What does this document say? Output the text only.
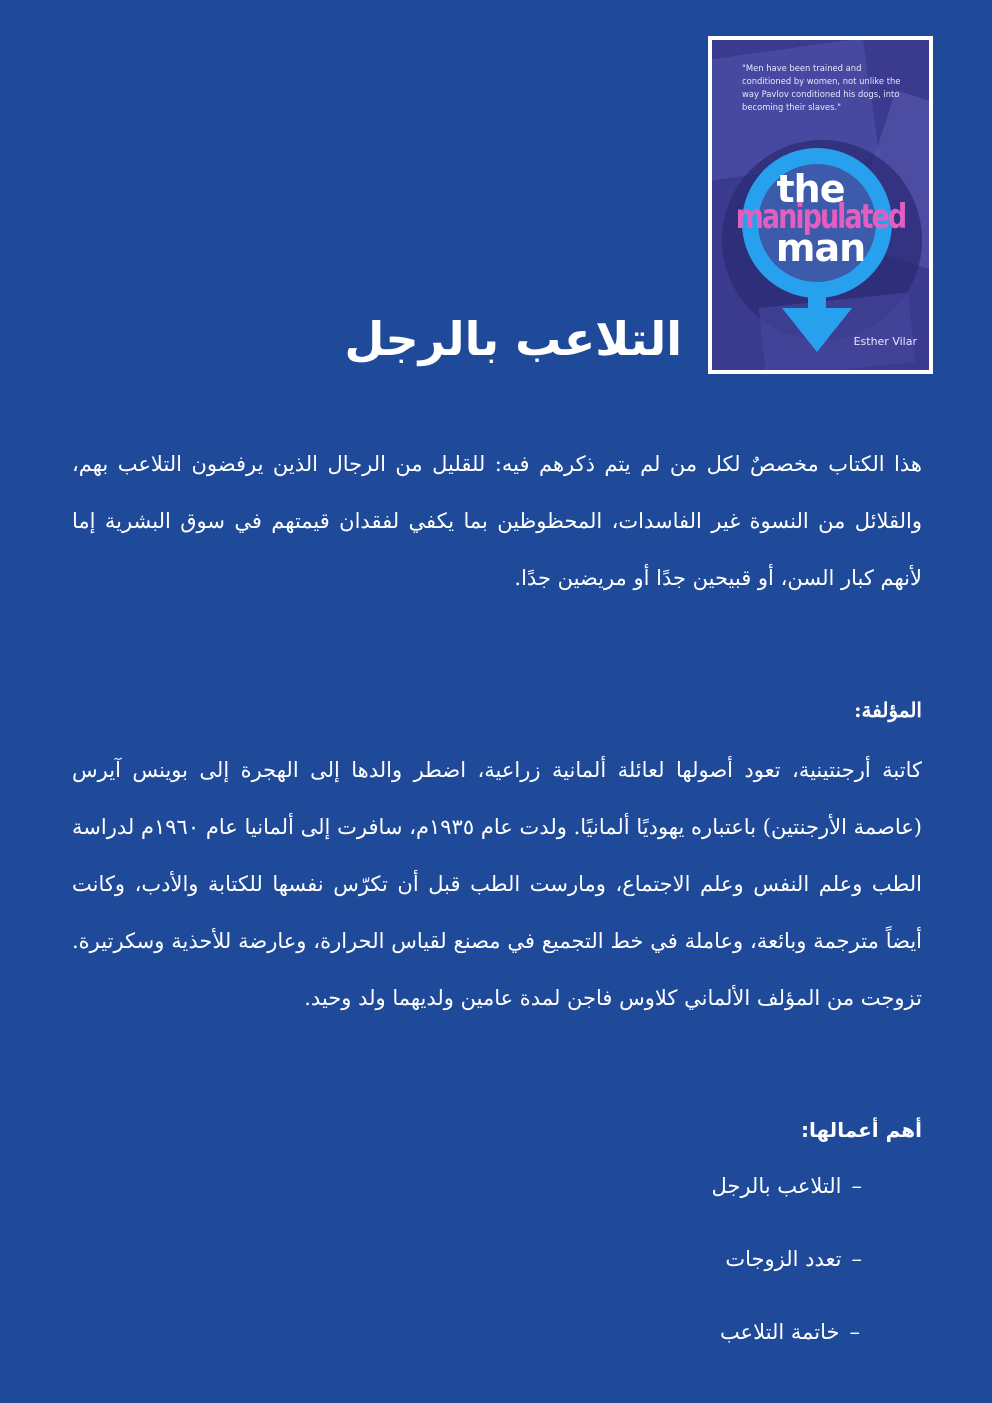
"Men have been trained and conditioned by women, not unlike the way Pavlov conditioned his dogs, into becoming their slaves."
the
manipulated
man
Esther Vilar
التلاعب بالرجل

هذا الكتاب مخصصٌ لكل من لم يتم ذكرهم فيه: للقليل من الرجال الذين يرفضون التلاعب بهم، والقلائل من النسوة غير الفاسدات، المحظوظين بما يكفي لفقدان قيمتهم في سوق البشرية إما لأنهم كبار السن، أو قبيحين جدًا أو مريضين جدًا.

المؤلفة:

كاتبة أرجنتينية، تعود أصولها لعائلة ألمانية زراعية، اضطر والدها إلى الهجرة إلى بوينس آيرس (عاصمة الأرجنتين) باعتباره يهوديًا ألمانيًا. ولدت عام ١٩٣٥م، سافرت إلى ألمانيا عام ١٩٦٠م لدراسة الطب وعلم النفس وعلم الاجتماع، ومارست الطب قبل أن تكرّس نفسها للكتابة والأدب، وكانت أيضاً مترجمة وبائعة، وعاملة في خط التجميع في مصنع لقياس الحرارة، وعارضة للأحذية وسكرتيرة. تزوجت من المؤلف الألماني كلاوس فاجن لمدة عامين ولديهما ولد وحيد.

أهم أعمالها:
–التلاعب بالرجل
–تعدد الزوجات
–خاتمة التلاعب
